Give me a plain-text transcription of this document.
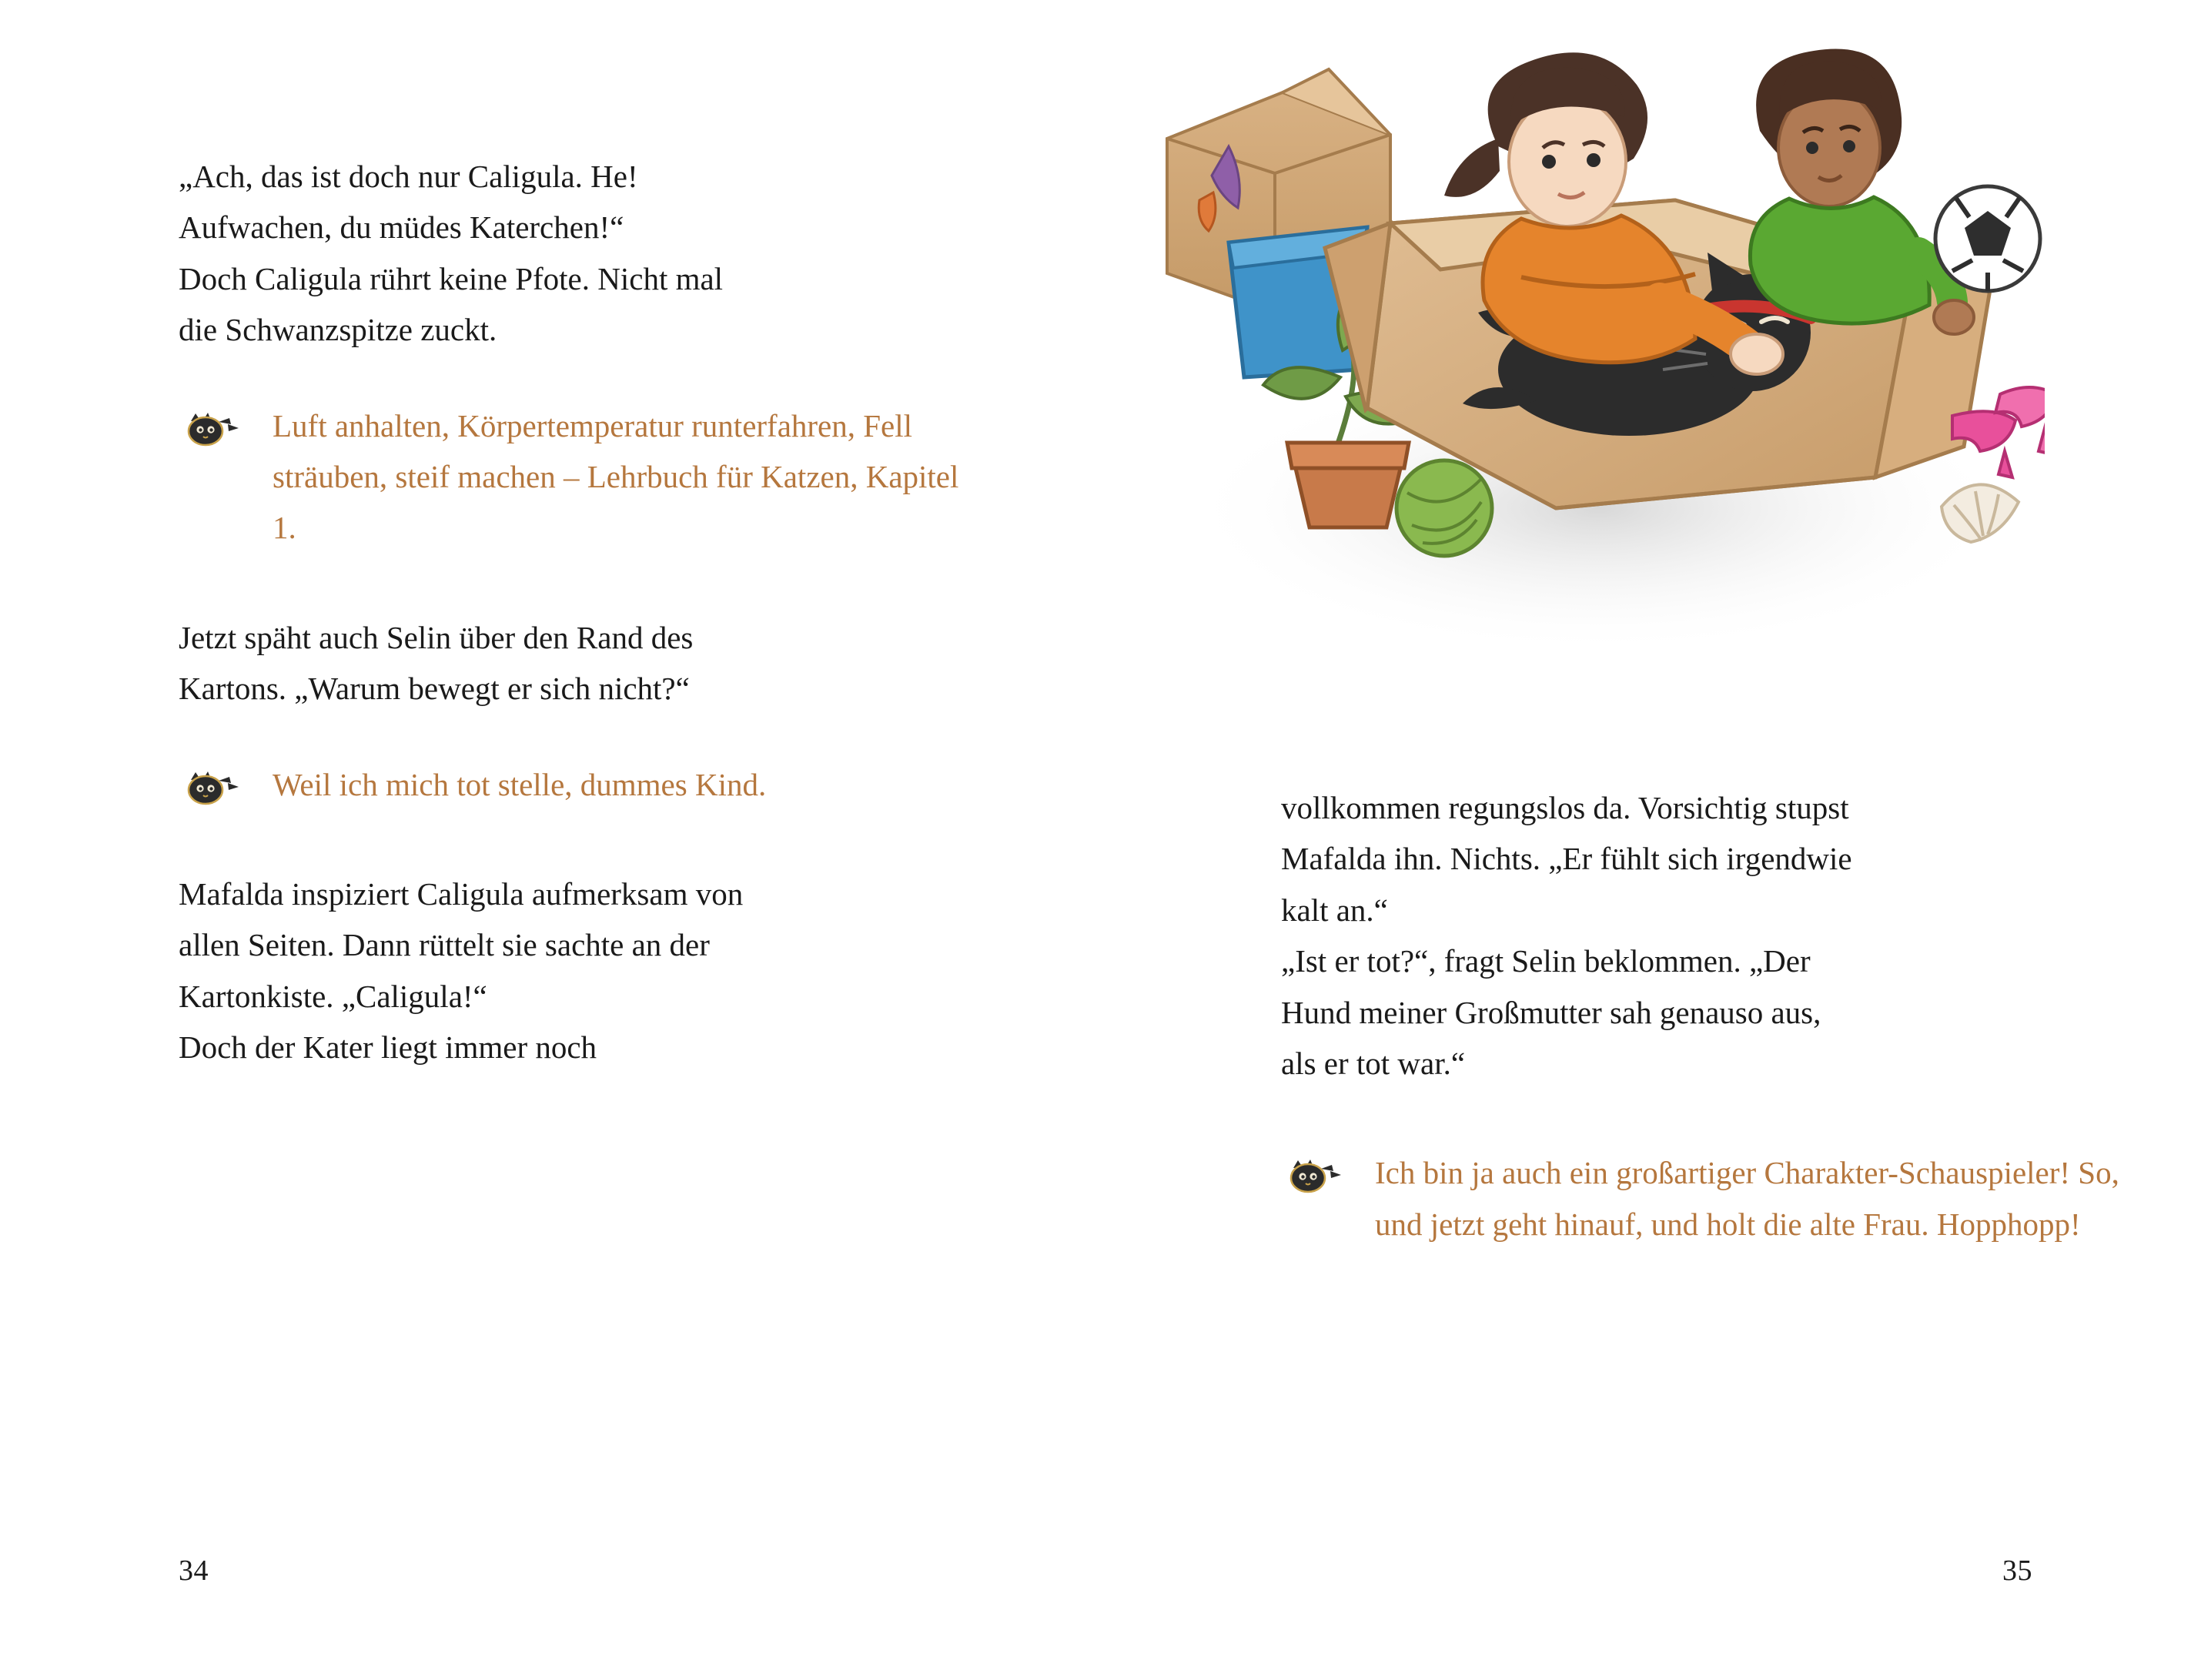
„Ach, das ist doch nur Caligula. He!
Aufwachen, du müdes Katerchen!“
Doch Caligula rührt keine Pfote. Nicht mal
die Schwanzspitze zuckt.

Luft anhalten, Körpertemperatur runterfahren, Fell sträuben, steif machen – Lehrbuch für Katzen, Kapitel 1.

Jetzt späht auch Selin über den Rand des
Kartons. „Warum bewegt er sich nicht?“

Weil ich mich tot stelle, dummes Kind.

Mafalda inspiziert Caligula aufmerksam von
allen Seiten. Dann rüttelt sie sachte an der
Kartonkiste. „Caligula!“
Doch der Kater liegt immer noch

34

vollkommen regungslos da. Vorsichtig stupst
Mafalda ihn. Nichts. „Er fühlt sich irgendwie
kalt an.“
„Ist er tot?“, fragt Selin beklommen. „Der
Hund meiner Großmutter sah genauso aus,
als er tot war.“

Ich bin ja auch ein großartiger Charakter-Schauspieler! So, und jetzt geht hinauf, und holt die alte Frau. Hopphopp!
35
